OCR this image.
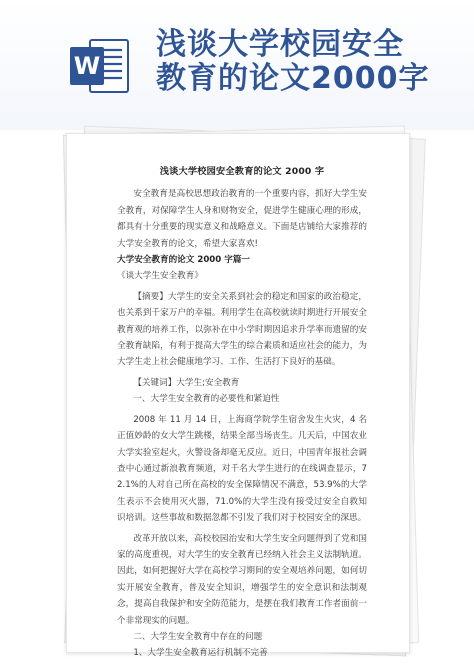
W
浅谈大学校园安全
教育的论文2000字
浅谈大学校园安全教育的论文 2000 字

安全教育是高校思想政治教育的一个重要内容，抓好大学生安全教育，对保障学生人身和财物安全，促进学生健康心理的形成，都具有十分重要的现实意义和战略意义。下面是店铺给大家推荐的大学安全教育的论文，希望大家喜欢!

大学安全教育的论文 2000 字篇一

《谈大学生安全教育》

【摘要】大学生的安全关系到社会的稳定和国家的政治稳定，也关系到千家万户的幸福。利用学生在高校就读时期进行开展安全教育观的培养工作，以弥补在中小学时期因追求升学率而遗留的安全教育缺陷，有利于提高大学生的综合素质和适应社会的能力，为大学生走上社会健康地学习、工作、生活打下良好的基础。

【关键词】大学生;安全教育

一、大学生安全教育的必要性和紧迫性

2008 年 11 月 14 日，上海商学院学生宿舍发生火灾，4 名正值妙龄的女大学生跳楼，结果全部当场丧生。几天后，中国农业大学实验室起火，火警设备却毫无反应。近日，中国青年报社会调查中心通过新浪教育频道，对千名大学生进行的在线调查显示，72.1%的人对自己所在高校的安全保障情况不满意，53.9%的大学生表示不会使用灭火器，71.0%的大学生没有接受过安全自救知识培训。这些事故和数据忽都不引发了我们对于校园安全的深思。

改革开放以来，高校校园治安和大学生安全问题得到了党和国家的高度重视，对大学生的安全教育已经纳入社会主义法制轨道。因此，如何把握好大学在高校学习期间的安全观培养问题，如何切实开展安全教育，普及安全知识，增强学生的安全意识和法制观念，提高自我保护和安全防范能力，是摆在我们教育工作者面前一个非常现实的问题。

二、大学生安全教育中存在的问题

1、大学生安全教育运行机制不完善
